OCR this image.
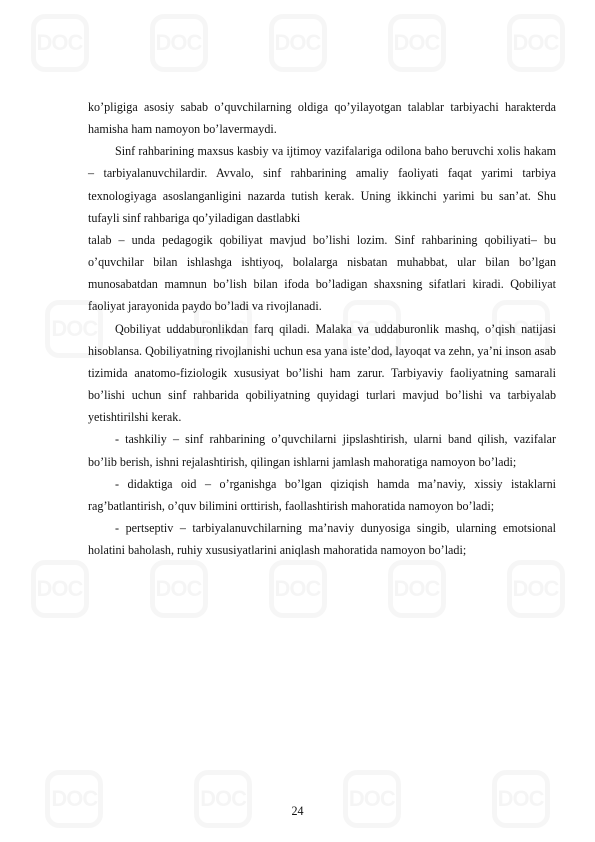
ko’pligiga asosiy sabab o’quvchilarning oldiga qo’yilayotgan talablar tarbiyachi harakterda hamisha ham namoyon bo’lavermaydi.

Sinf rahbarining maxsus kasbiy va ijtimoy vazifalariga odilona baho beruvchi xolis hakam – tarbiyalanuvchilardir. Avvalo, sinf rahbarining amaliy faoliyati faqat yarimi tarbiya texnologiyaga asoslanganligini nazarda tutish kerak. Uning ikkinchi yarimi bu san’at. Shu tufayli sinf rahbariga qo’yiladigan dastlabki

talab – unda pedagogik qobiliyat mavjud bo’lishi lozim. Sinf rahbarining qobiliyati– bu o’quvchilar bilan ishlashga ishtiyoq, bolalarga nisbatan muhabbat, ular bilan bo’lgan munosabatdan mamnun bo’lish bilan ifoda bo’ladigan shaxsning sifatlari kiradi. Qobiliyat faoliyat jarayonida paydo bo’ladi va rivojlanadi.

Qobiliyat uddaburonlikdan farq qiladi. Malaka va uddaburonlik mashq, o’qish natijasi hisoblansa. Qobiliyatning rivojlanishi uchun esa yana iste’dod, layoqat va zehn, ya’ni inson asab tizimida anatomo-fiziologik xususiyat bo’lishi ham zarur. Tarbiyaviy faoliyatning samarali bo’lishi uchun sinf rahbarida qobiliyatning quyidagi turlari mavjud bo’lishi va tarbiyalab yetishtirilshi kerak.

- tashkiliy – sinf rahbarining o’quvchilarni jipslashtirish, ularni band qilish, vazifalar bo’lib berish, ishni rejalashtirish, qilingan ishlarni jamlash mahoratiga namoyon bo’ladi;

- didaktiga oid – o’rganishga bo’lgan qiziqish hamda ma’naviy, xissiy istaklarni rag’batlantirish, o’quv bilimini orttirish, faollashtirish mahoratida namoyon bo’ladi;

- pertseptiv – tarbiyalanuvchilarning ma’naviy dunyosiga singib, ularning emotsional holatini baholash, ruhiy xususiyatlarini aniqlash mahoratida namoyon bo’ladi;

24
